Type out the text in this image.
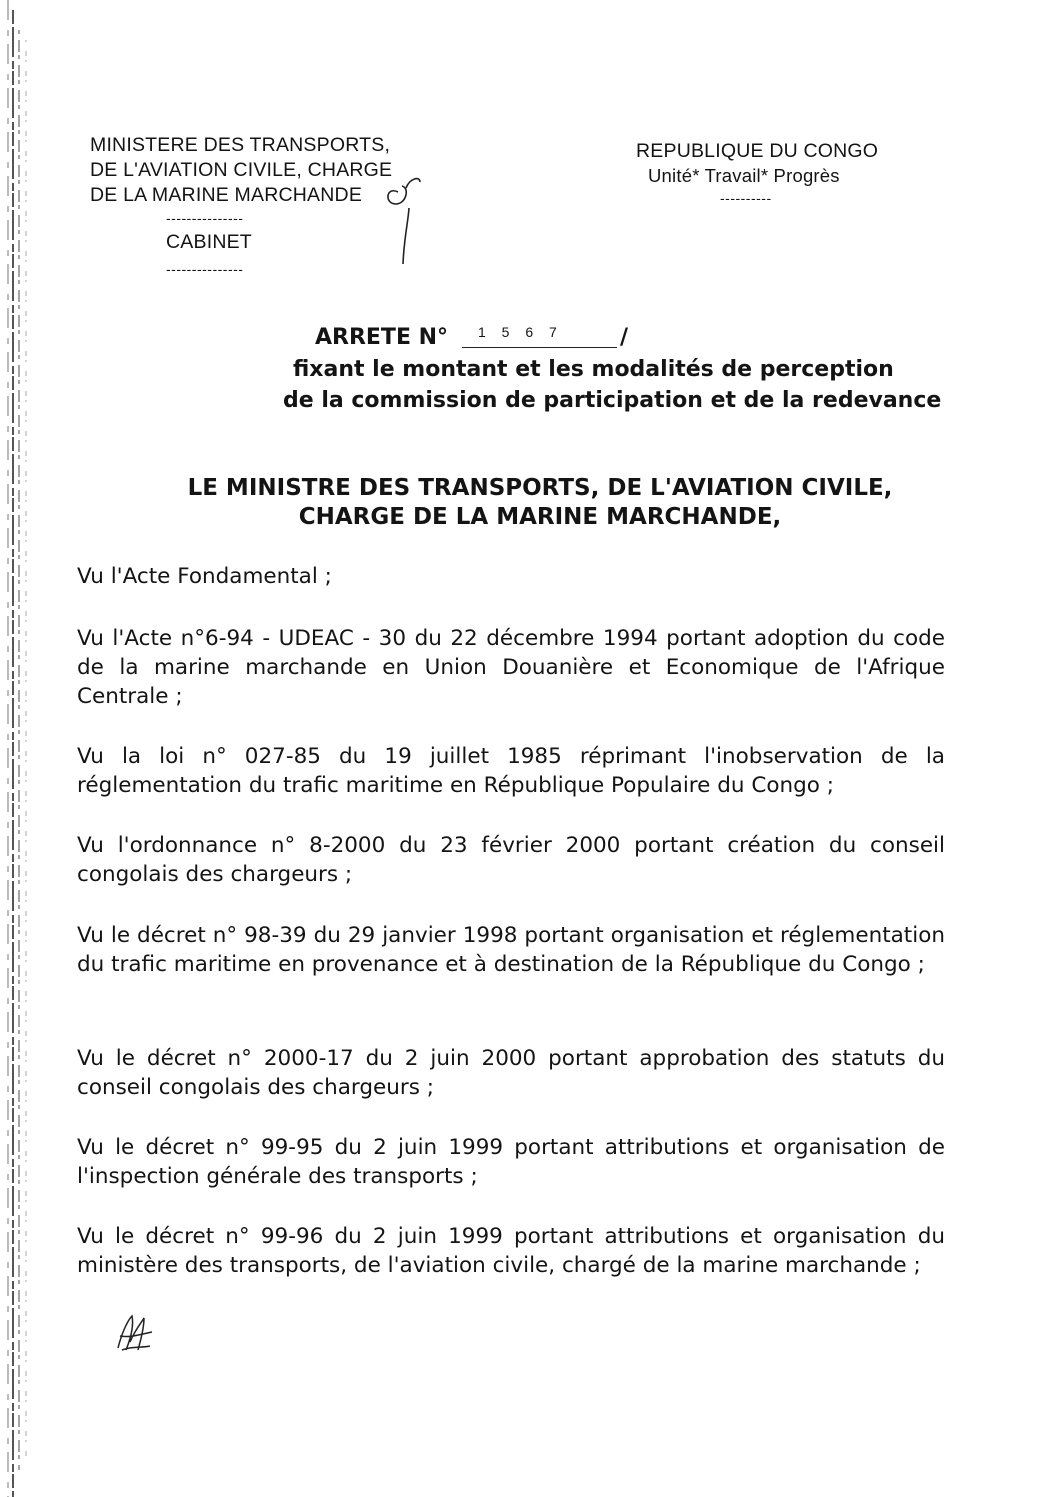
MINISTERE DES TRANSPORTS,
DE L'AVIATION CIVILE, CHARGE
DE LA MARINE MARCHANDE
---------------
CABINET
---------------
REPUBLIQUE DU CONGO
Unité* Travail* Progrès
----------
ARRETE N° 1 5 6 7	/
fixant le montant et les modalités de perception
de la commission de participation et de la redevance
LE MINISTRE DES TRANSPORTS, DE L'AVIATION CIVILE,
CHARGE DE LA MARINE MARCHANDE,
Vu l'Acte Fondamental ;
Vu l'Acte n°6-94 - UDEAC - 30 du 22 décembre 1994 portant adoption du code de la marine marchande en Union Douanière et Economique de l'Afrique Centrale ;
Vu la loi n° 027-85 du 19 juillet 1985 réprimant l'inobservation de la réglementation du trafic maritime en République Populaire du Congo ;
Vu l'ordonnance n° 8-2000 du 23 février 2000 portant création du conseil congolais des chargeurs ;
Vu le décret n° 98-39 du 29 janvier 1998 portant organisation et réglementation du trafic maritime en provenance et à destination de la République du Congo ;
Vu le décret n° 2000-17 du 2 juin 2000 portant approbation des statuts du conseil congolais des chargeurs ;
Vu le décret n° 99-95 du 2 juin 1999 portant attributions et organisation de l'inspection générale des transports ;
Vu le décret n° 99-96 du 2 juin 1999 portant attributions et organisation du ministère des transports, de l'aviation civile, chargé de la marine marchande ;
